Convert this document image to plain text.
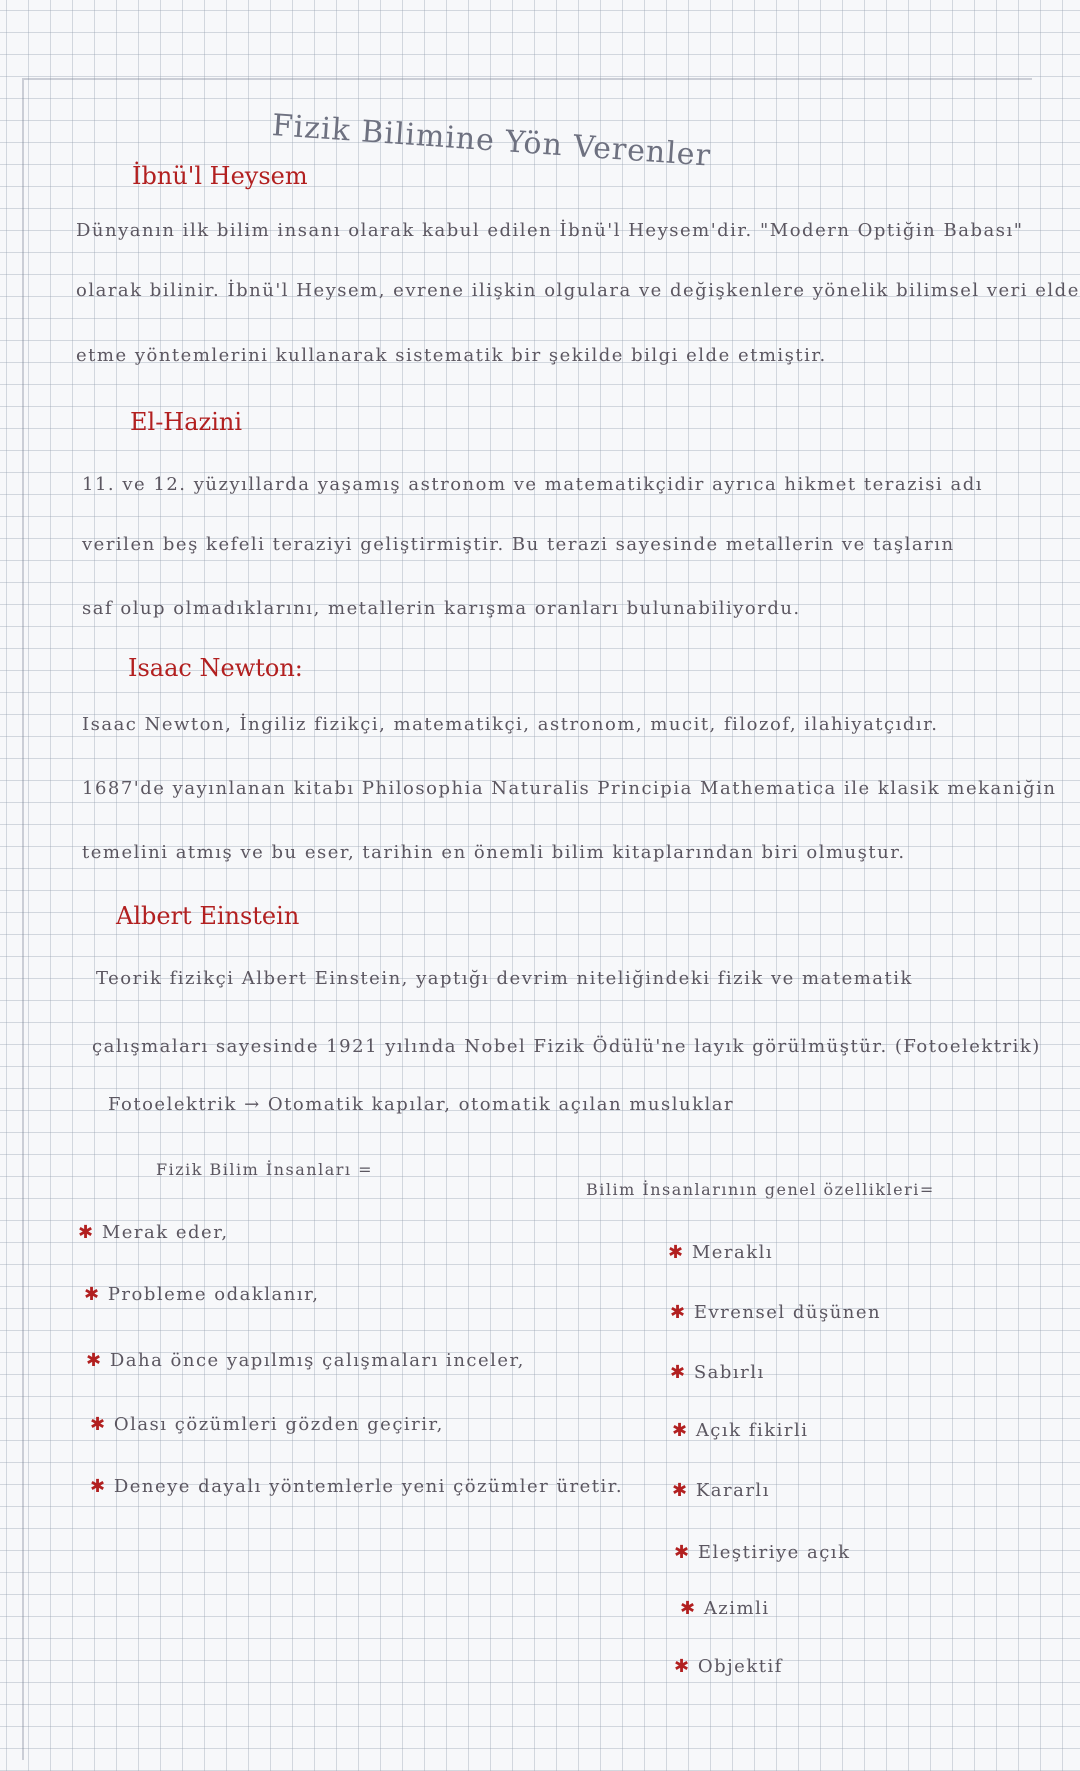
Fizik Bilimine Yön Verenler
İbnü'l Heysem
Dünyanın ilk bilim insanı olarak kabul edilen İbnü'l Heysem'dir. "Modern Optiğin Babası"
olarak bilinir. İbnü'l Heysem, evrene ilişkin olgulara ve değişkenlere yönelik bilimsel veri elde
etme yöntemlerini kullanarak sistematik bir şekilde bilgi elde etmiştir.
El-Hazini
11. ve 12. yüzyıllarda yaşamış astronom ve matematikçidir ayrıca hikmet terazisi adı
verilen beş kefeli teraziyi geliştirmiştir. Bu terazi sayesinde metallerin ve taşların
saf olup olmadıklarını, metallerin karışma oranları bulunabiliyordu.
Isaac Newton:
Isaac Newton, İngiliz fizikçi, matematikçi, astronom, mucit, filozof, ilahiyatçıdır.
1687'de yayınlanan kitabı Philosophia Naturalis Principia Mathematica ile klasik mekaniğin
temelini atmış ve bu eser, tarihin en önemli bilim kitaplarından biri olmuştur.
Albert Einstein
Teorik fizikçi Albert Einstein, yaptığı devrim niteliğindeki fizik ve matematik
çalışmaları sayesinde 1921 yılında Nobel Fizik Ödülü'ne layık görülmüştür. (Fotoelektrik)
Fotoelektrik → Otomatik kapılar, otomatik açılan musluklar
Fizik Bilim İnsanları =
✱ Merak eder,
✱ Probleme odaklanır,
✱ Daha önce yapılmış çalışmaları inceler,
✱ Olası çözümleri gözden geçirir,
✱ Deneye dayalı yöntemlerle yeni çözümler üretir.
Bilim İnsanlarının genel özellikleri=
✱ Meraklı
✱ Evrensel düşünen
✱ Sabırlı
✱ Açık fikirli
✱ Kararlı
✱ Eleştiriye açık
✱ Azimli
✱ Objektif
